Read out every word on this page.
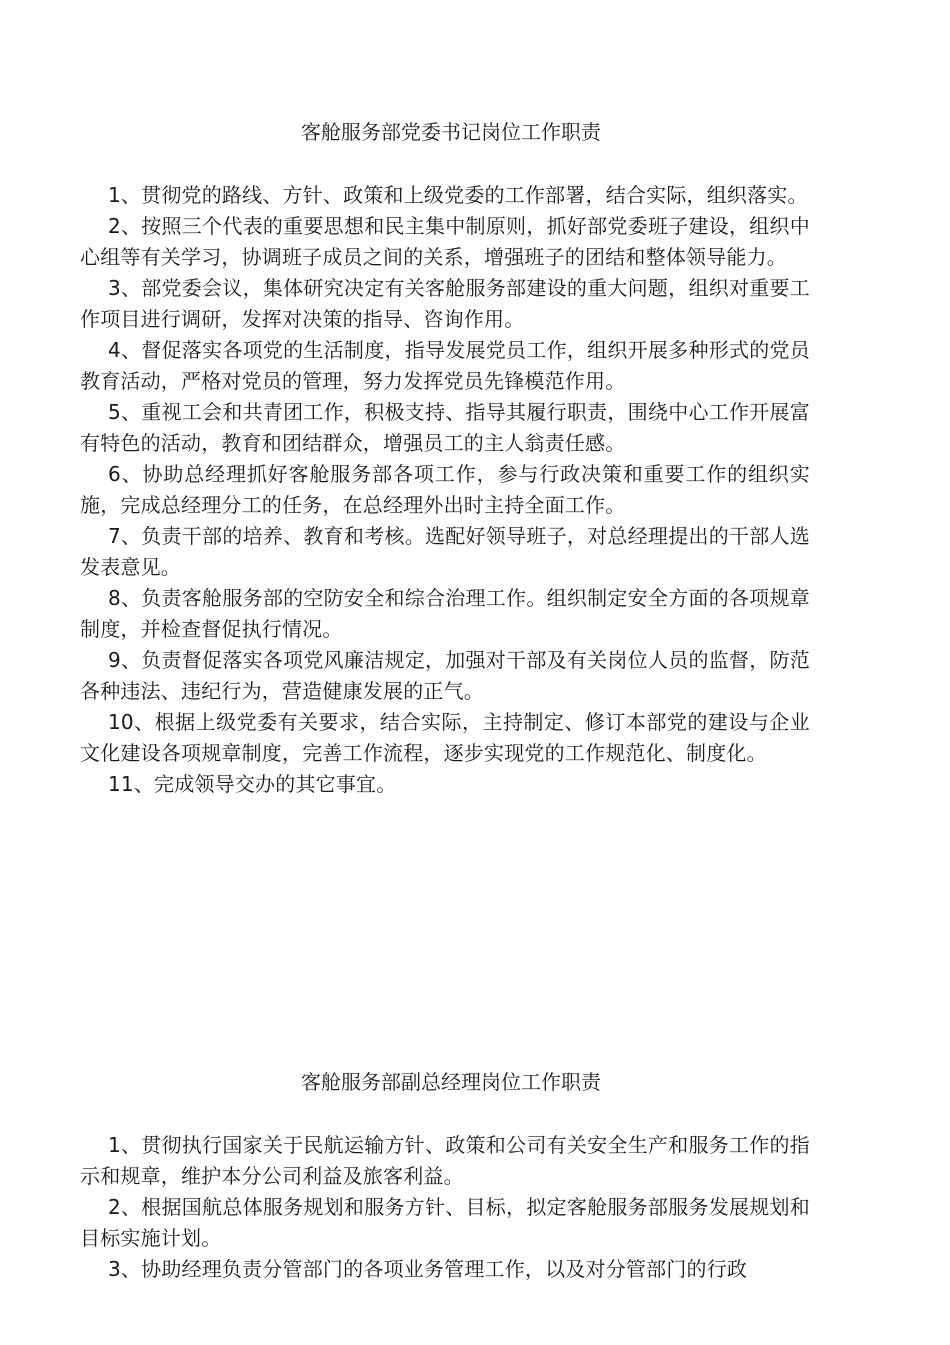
客舱服务部党委书记岗位工作职责
1、贯彻党的路线、方针、政策和上级党委的工作部署，结合实际，组织落实。
2、按照三个代表的重要思想和民主集中制原则，抓好部党委班子建设，组织中心组等有关学习，协调班子成员之间的关系，增强班子的团结和整体领导能力。
3、部党委会议，集体研究决定有关客舱服务部建设的重大问题，组织对重要工作项目进行调研，发挥对决策的指导、咨询作用。
4、督促落实各项党的生活制度，指导发展党员工作，组织开展多种形式的党员教育活动，严格对党员的管理，努力发挥党员先锋模范作用。
5、重视工会和共青团工作，积极支持、指导其履行职责，围绕中心工作开展富有特色的活动，教育和团结群众，增强员工的主人翁责任感。
6、协助总经理抓好客舱服务部各项工作，参与行政决策和重要工作的组织实施，完成总经理分工的任务，在总经理外出时主持全面工作。
7、负责干部的培养、教育和考核。选配好领导班子，对总经理提出的干部人选发表意见。
8、负责客舱服务部的空防安全和综合治理工作。组织制定安全方面的各项规章制度，并检查督促执行情况。
9、负责督促落实各项党风廉洁规定，加强对干部及有关岗位人员的监督，防范各种违法、违纪行为，营造健康发展的正气。
10、根据上级党委有关要求，结合实际，主持制定、修订本部党的建设与企业文化建设各项规章制度，完善工作流程，逐步实现党的工作规范化、制度化。
11、完成领导交办的其它事宜。
客舱服务部副总经理岗位工作职责
1、贯彻执行国家关于民航运输方针、政策和公司有关安全生产和服务工作的指示和规章，维护本分公司利益及旅客利益。
2、根据国航总体服务规划和服务方针、目标，拟定客舱服务部服务发展规划和目标实施计划。
3、协助经理负责分管部门的各项业务管理工作，以及对分管部门的行政
